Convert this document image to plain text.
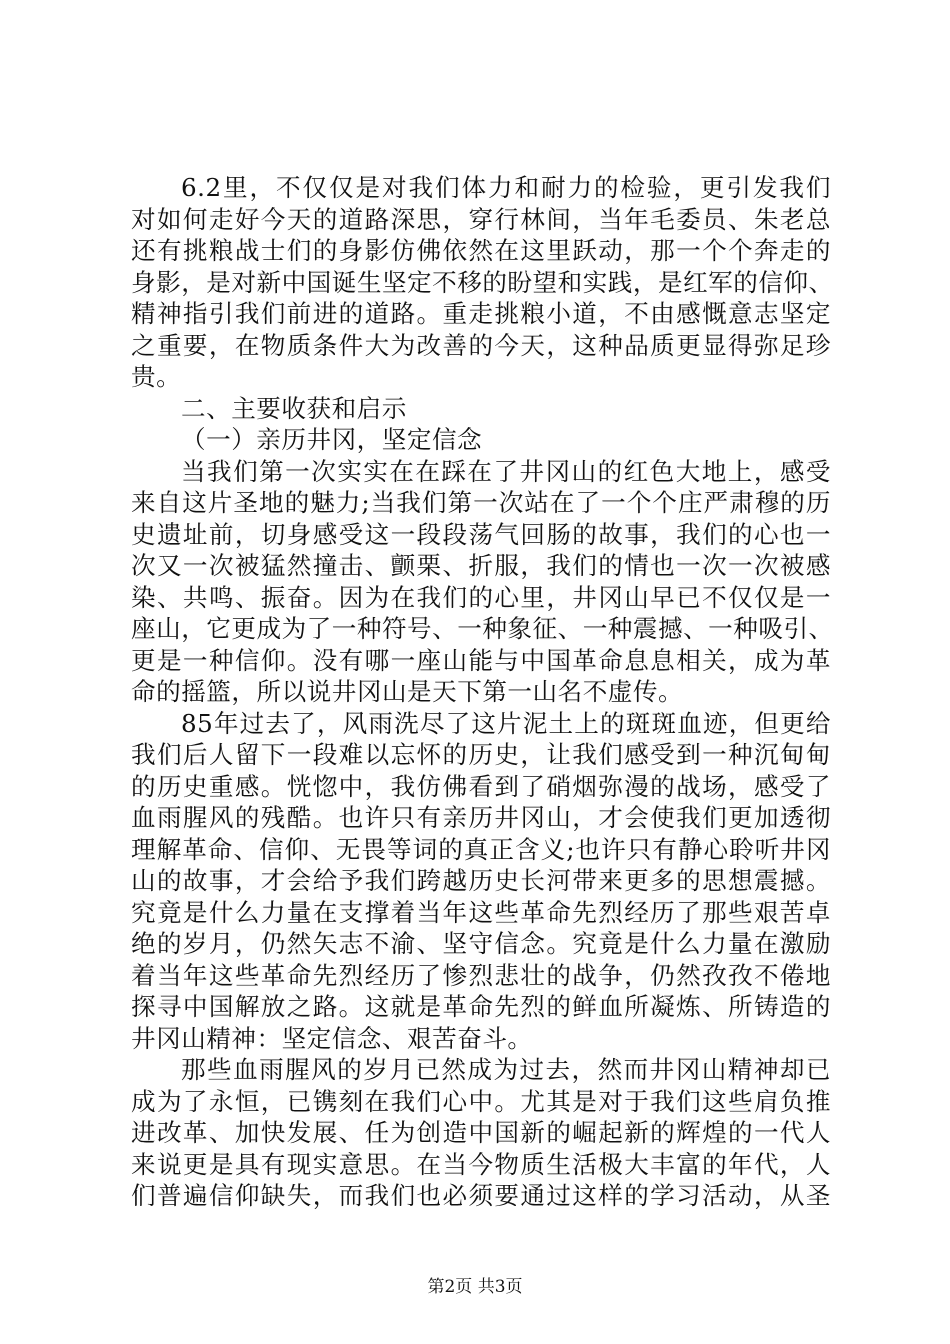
6.2里，不仅仅是对我们体力和耐力的检验，更引发我们
对如何走好今天的道路深思，穿行林间，当年毛委员、朱老总
还有挑粮战士们的身影仿佛依然在这里跃动，那一个个奔走的
身影，是对新中国诞生坚定不移的盼望和实践，是红军的信仰、
精神指引我们前进的道路。重走挑粮小道，不由感慨意志坚定
之重要，在物质条件大为改善的今天，这种品质更显得弥足珍
贵。
二、主要收获和启示
（一）亲历井冈，坚定信念
当我们第一次实实在在踩在了井冈山的红色大地上，感受
来自这片圣地的魅力;当我们第一次站在了一个个庄严肃穆的历
史遗址前，切身感受这一段段荡气回肠的故事，我们的心也一
次又一次被猛然撞击、颤栗、折服，我们的情也一次一次被感
染、共鸣、振奋。因为在我们的心里，井冈山早已不仅仅是一
座山，它更成为了一种符号、一种象征、一种震撼、一种吸引、
更是一种信仰。没有哪一座山能与中国革命息息相关，成为革
命的摇篮，所以说井冈山是天下第一山名不虚传。
85年过去了，风雨洗尽了这片泥土上的斑斑血迹，但更给
我们后人留下一段难以忘怀的历史，让我们感受到一种沉甸甸
的历史重感。恍惚中，我仿佛看到了硝烟弥漫的战场，感受了
血雨腥风的残酷。也许只有亲历井冈山，才会使我们更加透彻
理解革命、信仰、无畏等词的真正含义;也许只有静心聆听井冈
山的故事，才会给予我们跨越历史长河带来更多的思想震撼。
究竟是什么力量在支撑着当年这些革命先烈经历了那些艰苦卓
绝的岁月，仍然矢志不渝、坚守信念。究竟是什么力量在激励
着当年这些革命先烈经历了惨烈悲壮的战争，仍然孜孜不倦地
探寻中国解放之路。这就是革命先烈的鲜血所凝炼、所铸造的
井冈山精神：坚定信念、艰苦奋斗。
那些血雨腥风的岁月已然成为过去，然而井冈山精神却已
成为了永恒，已镌刻在我们心中。尤其是对于我们这些肩负推
进改革、加快发展、任为创造中国新的崛起新的辉煌的一代人
来说更是具有现实意思。在当今物质生活极大丰富的年代，人
们普遍信仰缺失，而我们也必须要通过这样的学习活动，从圣
第2页 共3页
